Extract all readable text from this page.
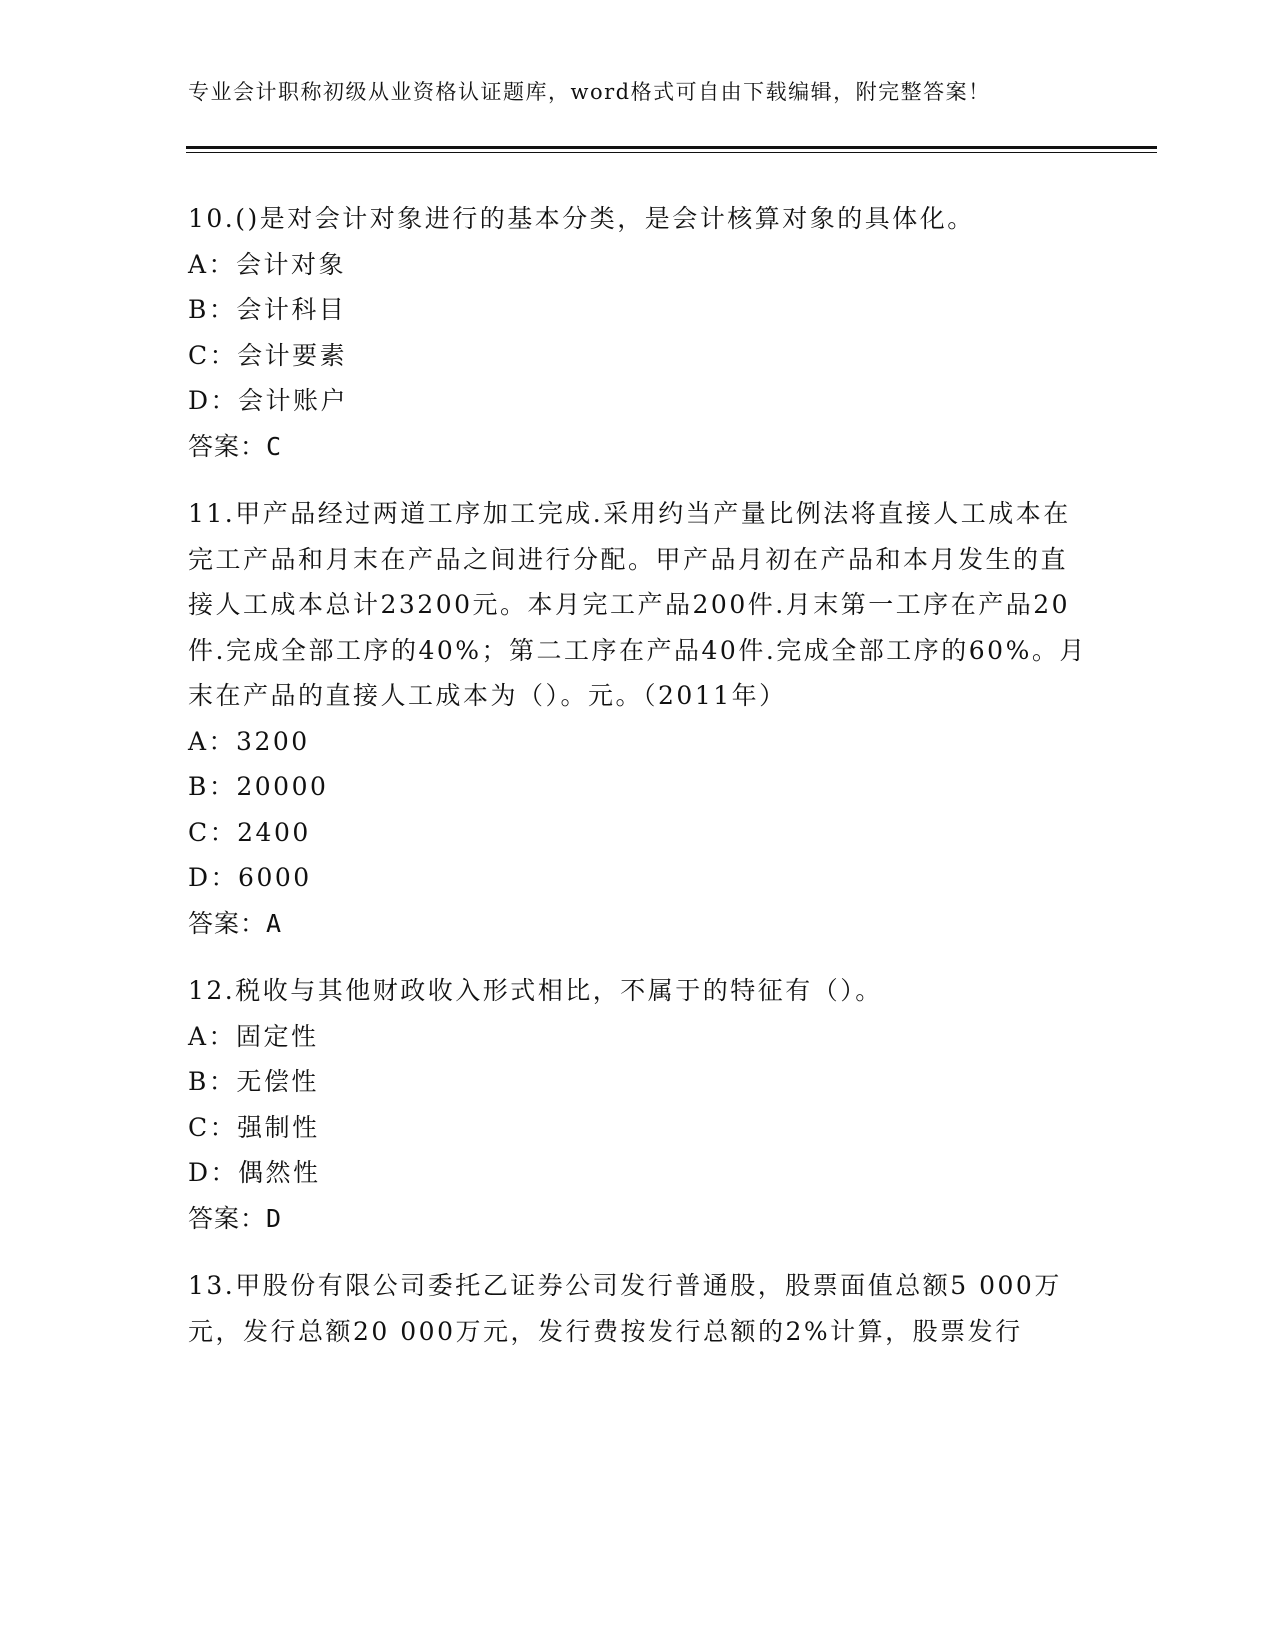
专业会计职称初级从业资格认证题库，word格式可自由下载编辑，附完整答案！

10.()是对会计对象进行的基本分类，是会计核算对象的具体化。

A：会计对象

B：会计科目

C：会计要素

D：会计账户

答案：C

11.甲产品经过两道工序加工完成.采用约当产量比例法将直接人工成本在完工产品和月末在产品之间进行分配。甲产品月初在产品和本月发生的直接人工成本总计23200元。本月完工产品200件.月末第一工序在产品20件.完成全部工序的40%；第二工序在产品40件.完成全部工序的60%。月末在产品的直接人工成本为（）。元。（2011年）

A：3200

B：20000

C：2400

D：6000

答案：A

12.税收与其他财政收入形式相比，不属于的特征有（）。

A：固定性

B：无偿性

C：强制性

D：偶然性

答案：D

13.甲股份有限公司委托乙证券公司发行普通股，股票面值总额5 000万元，发行总额20 000万元，发行费按发行总额的2%计算，股票发行
